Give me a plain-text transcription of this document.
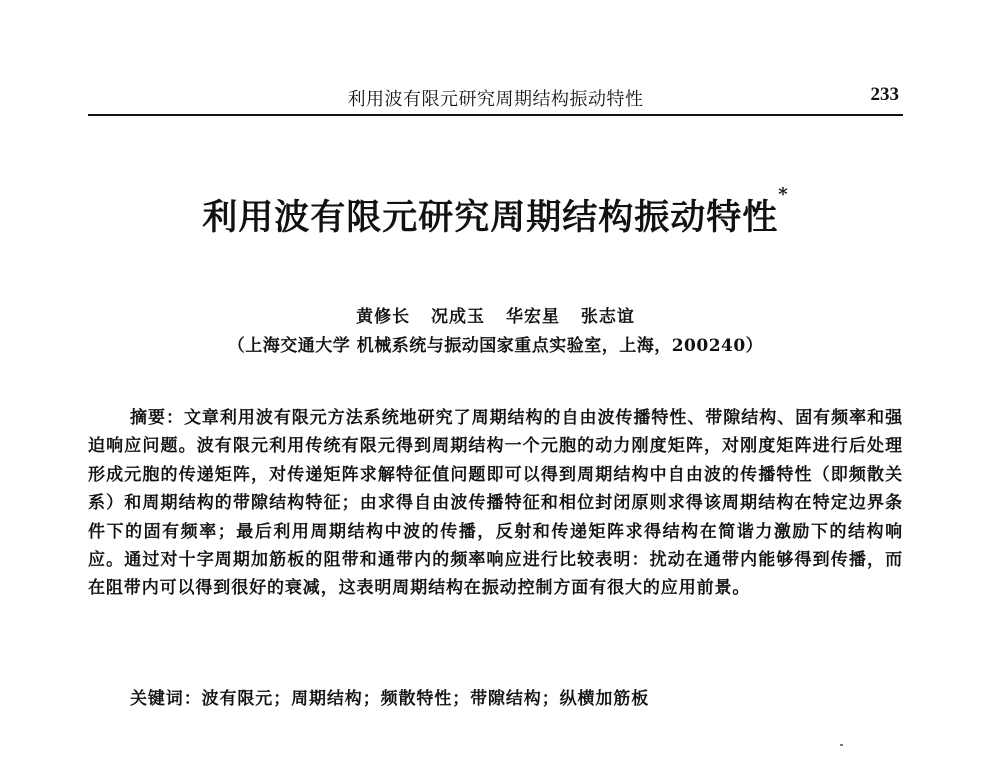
利用波有限元研究周期结构振动特性	233
利用波有限元研究周期结构振动特性*
黄修长 况成玉 华宏星 张志谊
（上海交通大学 机械系统与振动国家重点实验室，上海，200240）

摘要：文章利用波有限元方法系统地研究了周期结构的自由波传播特性、带隙结构、固有频率和强迫响应问题。波有限元利用传统有限元得到周期结构一个元胞的动力刚度矩阵，对刚度矩阵进行后处理形成元胞的传递矩阵，对传递矩阵求解特征值问题即可以得到周期结构中自由波的传播特性（即频散关系）和周期结构的带隙结构特征；由求得自由波传播特征和相位封闭原则求得该周期结构在特定边界条件下的固有频率；最后利用周期结构中波的传播，反射和传递矩阵求得结构在简谐力激励下的结构响应。通过对十字周期加筋板的阻带和通带内的频率响应进行比较表明：扰动在通带内能够得到传播，而在阻带内可以得到很好的衰减，这表明周期结构在振动控制方面有很大的应用前景。

关键词：波有限元；周期结构；频散特性；带隙结构；纵横加筋板
